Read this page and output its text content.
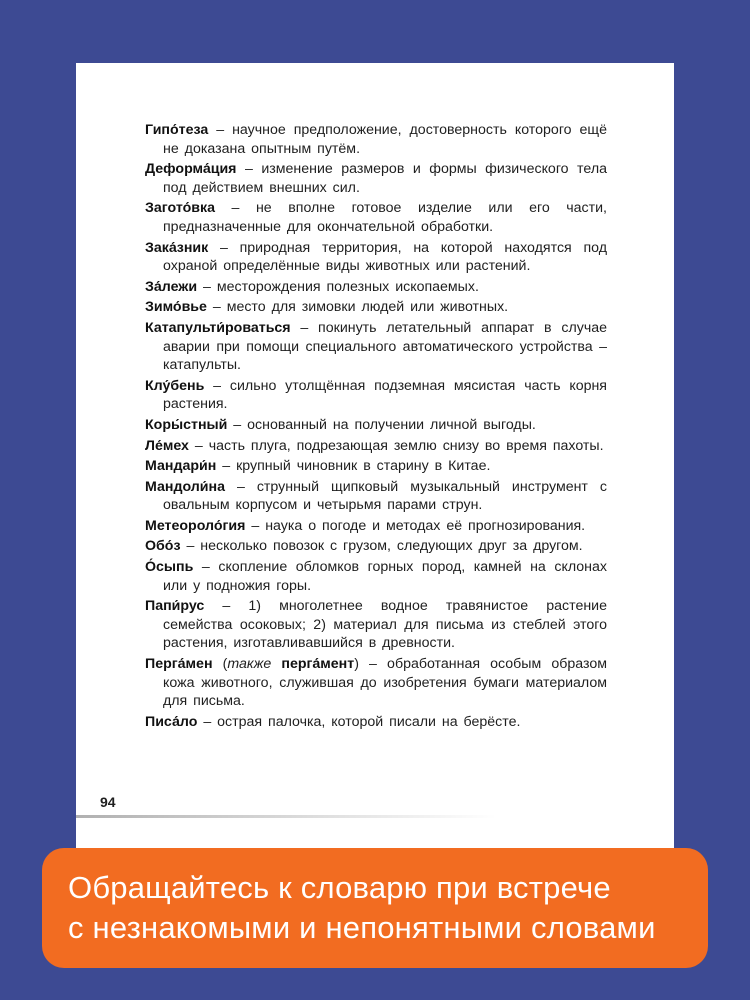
Гипо́теза – научное предположение, достоверность которого ещё не доказана опытным путём.

Деформа́ция – изменение размеров и формы физического тела под действием внешних сил.

Загото́вка – не вполне готовое изделие или его части, предназначенные для окончательной обработки.

Зака́зник – природная территория, на которой находятся под охраной определённые виды животных или растений.

За́лежи – месторождения полезных ископаемых.

Зимо́вье – место для зимовки людей или животных.

Катапульти́роваться – покинуть летательный аппарат в случае аварии при помощи специального автоматического устройства – катапульты.

Клу́бень – сильно утолщённая подземная мясистая часть корня растения.

Коры́стный – основанный на получении личной выгоды.

Ле́мех – часть плуга, подрезающая землю снизу во время пахоты.

Мандари́н – крупный чиновник в старину в Китае.

Мандоли́на – струнный щипковый музыкальный инструмент с овальным корпусом и четырьмя парами струн.

Метеороло́гия – наука о погоде и методах её прогнозирования.

Обо́з – несколько повозок с грузом, следующих друг за другом.

О́сыпь – скопление обломков горных пород, камней на склонах или у подножия горы.

Папи́рус – 1) многолетнее водное травянистое растение семейства осоковых; 2) материал для письма из стеблей этого растения, изготавливавшийся в древности.

Перга́мен (также перга́мент) – обработанная особым образом кожа животного, служившая до изобретения бумаги материалом для письма.

Писа́ло – острая палочка, которой писали на берёсте.

94
Обращайтесь к словарю при встрече
с незнакомыми и непонятными словами
